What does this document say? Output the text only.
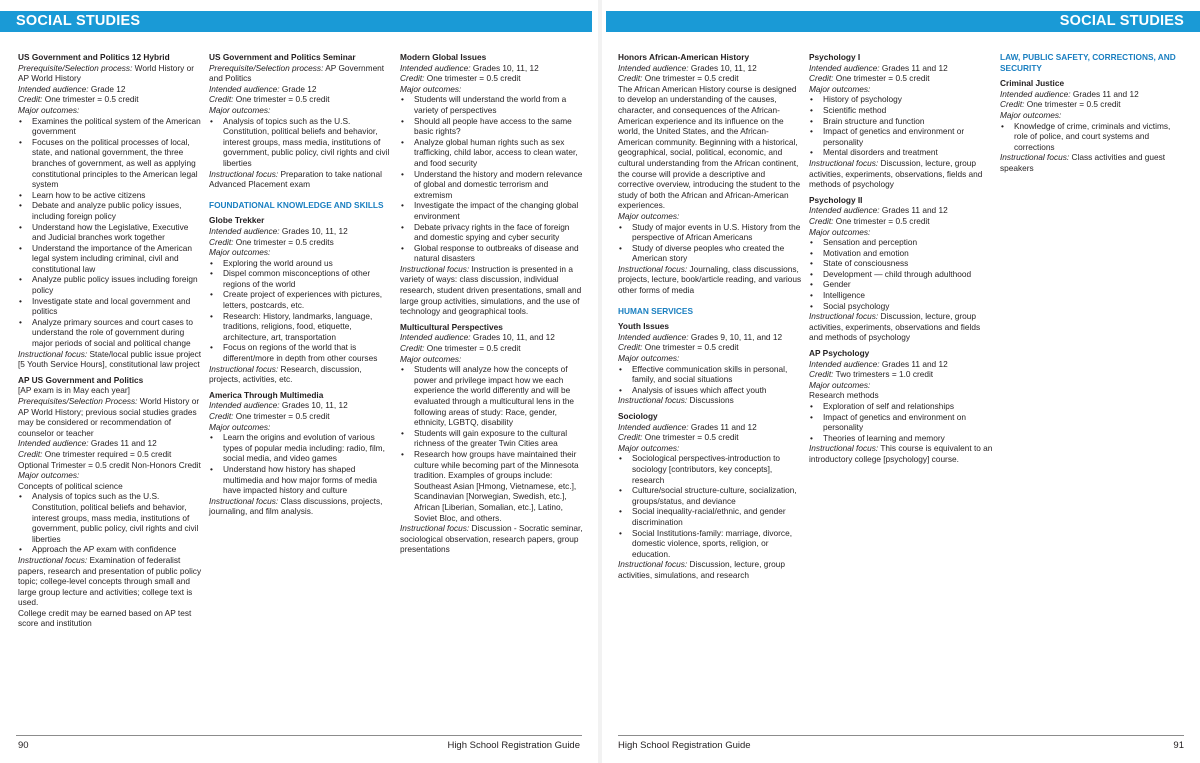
SOCIAL STUDIES
US Government and Politics 12 Hybrid
Prerequisite/Selection process: World History or AP World History
Intended audience: Grade 12
Credit: One trimester = 0.5 credit
Major outcomes:
• Examines the political system of the American government
• Focuses on the political processes of local, state, and national government, the three branches of government, as well as applying constitutional principles to the American legal system
• Learn how to be active citizens
• Debate and analyze public policy issues, including foreign policy
• Understand how the Legislative, Executive and Judicial branches work together
• Understand the importance of the American legal system including criminal, civil and constitutional law
• Analyze public policy issues including foreign policy
• Investigate state and local government and politics
• Analyze primary sources and court cases to understand the role of government during major periods of social and political change
Instructional focus: State/local public issue project [5 Youth Service Hours], constitutional law project
AP US Government and Politics
[AP exam is in May each year]
Prerequisites/Selection Process: World History or AP World History; previous social studies grades may be considered or recommendation of counselor or teacher
Intended audience: Grades 11 and 12
Credit: One trimester required = 0.5 credit
Optional Trimester = 0.5 credit Non-Honors Credit
Major outcomes:
Concepts of political science
• Analysis of topics such as the U.S. Constitution, political beliefs and behavior, interest groups, mass media, institutions of government, public policy, civil rights and civil liberties
• Approach the AP exam with confidence
Instructional focus: Examination of federalist papers, research and presentation of public policy topic; college-level concepts through small and large group lecture and activities; college text is used.
College credit may be earned based on AP test score and institution
US Government and Politics Seminar
Prerequisite/Selection process: AP Government and Politics
Intended audience: Grade 12
Credit: One trimester = 0.5 credit
Major outcomes:
• Analysis of topics such as the U.S. Constitution, political beliefs and behavior, interest groups, mass media, institutions of government, public policy, civil rights and civil liberties
Instructional focus: Preparation to take national Advanced Placement exam
FOUNDATIONAL KNOWLEDGE AND SKILLS
Globe Trekker
Intended audience: Grades 10, 11, 12
Credit: One trimester = 0.5 credits
Major outcomes:
• Exploring the world around us
• Dispel common misconceptions of other regions of the world
• Create project of experiences with pictures, letters, postcards, etc.
• Research: History, landmarks, language, traditions, religions, food, etiquette, architecture, art, transportation
• Focus on regions of the world that is different/more in depth from other courses
Instructional focus: Research, discussion, projects, activities, etc.
America Through Multimedia
Intended audience: Grades 10, 11, 12
Credit: One trimester = 0.5 credit
Major outcomes:
• Learn the origins and evolution of various types of popular media including: radio, film, social media, and video games
• Understand how history has shaped multimedia and how major forms of media have impacted history and culture
Instructional focus: Class discussions, projects, journaling, and film analysis.
Modern Global Issues
Intended audience: Grades 10, 11, 12
Credit: One trimester = 0.5 credit
Major outcomes:
• Students will understand the world from a variety of perspectives
• Should all people have access to the same basic rights?
• Analyze global human rights such as sex trafficking, child labor, access to clean water, and food security
• Understand the history and modern relevance of global and domestic terrorism and extremism
• Investigate the impact of the changing global environment
• Debate privacy rights in the face of foreign and domestic spying and cyber security
• Global response to outbreaks of disease and natural disasters
Instructional focus: Instruction is presented in a variety of ways: class discussion, individual research, student driven presentations, small and large group activities, simulations, and the use of technology and geographical tools.
Multicultural Perspectives
Intended audience: Grades 10, 11, and 12
Credit: One trimester = 0.5 credit
Major outcomes:
• Students will analyze how the concepts of power and privilege impact how we each experience the world differently and will be evaluated through a multicultural lens in the following areas of study: Race, gender, ethnicity, LGBTQ, disability
• Students will gain exposure to the cultural richness of the greater Twin Cities area
• Research how groups have maintained their culture while becoming part of the Minnesota tradition. Examples of groups include: Southeast Asian [Hmong, Vietnamese, etc.], Scandinavian [Norwegian, Swedish, etc.], African [Liberian, Somalian, etc.], Latino, Soviet Bloc, and others.
Instructional focus: Discussion - Socratic seminar, sociological observation, research papers, group presentations
90	High School Registration Guide
SOCIAL STUDIES
Honors African-American History
Intended audience: Grades 10, 11, 12
Credit: One trimester = 0.5 credit
The African American History course is designed to develop an understanding of the causes, character, and consequences of the African-American experience and its influence on the world, the United States, and the African-American community. Beginning with a historical, geographical, social, political, economic, and cultural understanding from the African continent, the course will provide a descriptive and corrective overview, introducing the student to the study of both the African and African-American experiences.
Major outcomes:
• Study of major events in U.S. History from the perspective of African Americans
• Study of diverse peoples who created the American story
Instructional focus: Journaling, class discussions, projects, lecture, book/article reading, and various other forms of media
HUMAN SERVICES
Youth Issues
Intended audience: Grades 9, 10, 11, and 12
Credit: One trimester = 0.5 credit
Major outcomes:
• Effective communication skills in personal, family, and social situations
• Analysis of issues which affect youth
Instructional focus: Discussions
Sociology
Intended audience: Grades 11 and 12
Credit: One trimester = 0.5 credit
Major outcomes:
• Sociological perspectives-introduction to sociology [contributors, key concepts], research
• Culture/social structure-culture, socialization, groups/status, and deviance
• Social inequality-racial/ethnic, and gender discrimination
• Social Institutions-family: marriage, divorce, domestic violence, sports, religion, or education.
Instructional focus: Discussion, lecture, group activities, simulations, and research
Psychology I
Intended audience: Grades 11 and 12
Credit: One trimester = 0.5 credit
Major outcomes:
• History of psychology
• Scientific method
• Brain structure and function
• Impact of genetics and environment or personality
• Mental disorders and treatment
Instructional focus: Discussion, lecture, group activities, experiments, observations, fields and methods of psychology
Psychology II
Intended audience: Grades 11 and 12
Credit: One trimester = 0.5 credit
Major outcomes:
• Sensation and perception
• Motivation and emotion
• State of consciousness
• Development — child through adulthood
• Gender
• Intelligence
• Social psychology
Instructional focus: Discussion, lecture, group activities, experiments, observations and fields and methods of psychology
AP Psychology
Intended audience: Grades 11 and 12
Credit: Two trimesters = 1.0 credit
Major outcomes:
Research methods
• Exploration of self and relationships
• Impact of genetics and environment on personality
• Theories of learning and memory
Instructional focus: This course is equivalent to an introductory college [psychology] course.
LAW, PUBLIC SAFETY, CORRECTIONS, AND SECURITY
Criminal Justice
Intended audience: Grades 11 and 12
Credit: One trimester = 0.5 credit
Major outcomes:
• Knowledge of crime, criminals and victims, role of police, and court systems and corrections
Instructional focus: Class activities and guest speakers
High School Registration Guide	91
